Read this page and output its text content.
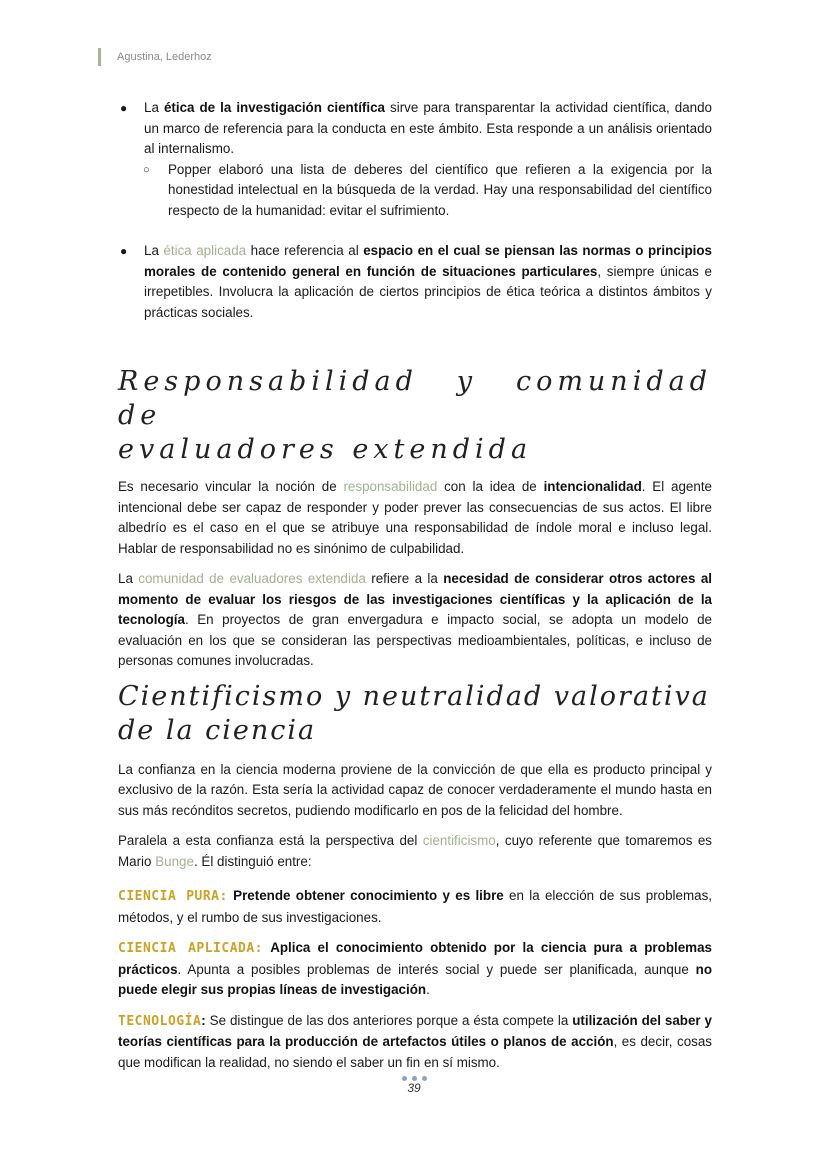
Agustina, Lederhoz
● La ética de la investigación científica sirve para transparentar la actividad científica, dando un marco de referencia para la conducta en este ámbito. Esta responde a un análisis orientado al internalismo.
○ Popper elaboró una lista de deberes del científico que refieren a la exigencia por la honestidad intelectual en la búsqueda de la verdad. Hay una responsabilidad del científico respecto de la humanidad: evitar el sufrimiento.
● La ética aplicada hace referencia al espacio en el cual se piensan las normas o principios morales de contenido general en función de situaciones particulares, siempre únicas e irrepetibles. Involucra la aplicación de ciertos principios de ética teórica a distintos ámbitos y prácticas sociales.
Responsabilidad y comunidad de
evaluadores extendida

Es necesario vincular la noción de responsabilidad con la idea de intencionalidad. El agente intencional debe ser capaz de responder y poder prever las consecuencias de sus actos. El libre albedrío es el caso en el que se atribuye una responsabilidad de índole moral e incluso legal. Hablar de responsabilidad no es sinónimo de culpabilidad.

La comunidad de evaluadores extendida refiere a la necesidad de considerar otros actores al momento de evaluar los riesgos de las investigaciones científicas y la aplicación de la tecnología. En proyectos de gran envergadura e impacto social, se adopta un modelo de evaluación en los que se consideran las perspectivas medioambientales, políticas, e incluso de personas comunes involucradas.

Cientificismo y neutralidad valorativa
de la ciencia

La confianza en la ciencia moderna proviene de la convicción de que ella es producto principal y exclusivo de la razón. Esta sería la actividad capaz de conocer verdaderamente el mundo hasta en sus más recónditos secretos, pudiendo modificarlo en pos de la felicidad del hombre.

Paralela a esta confianza está la perspectiva del cientificismo, cuyo referente que tomaremos es Mario Bunge. Él distinguió entre:

CIENCIA PURA: Pretende obtener conocimiento y es libre en la elección de sus problemas, métodos, y el rumbo de sus investigaciones.

CIENCIA APLICADA: Aplica el conocimiento obtenido por la ciencia pura a problemas prácticos. Apunta a posibles problemas de interés social y puede ser planificada, aunque no puede elegir sus propias líneas de investigación.

TECNOLOGÍA: Se distingue de las dos anteriores porque a ésta compete la utilización del saber y teorías científicas para la producción de artefactos útiles o planos de acción, es decir, cosas que modifican la realidad, no siendo el saber un fin en sí mismo.

39
